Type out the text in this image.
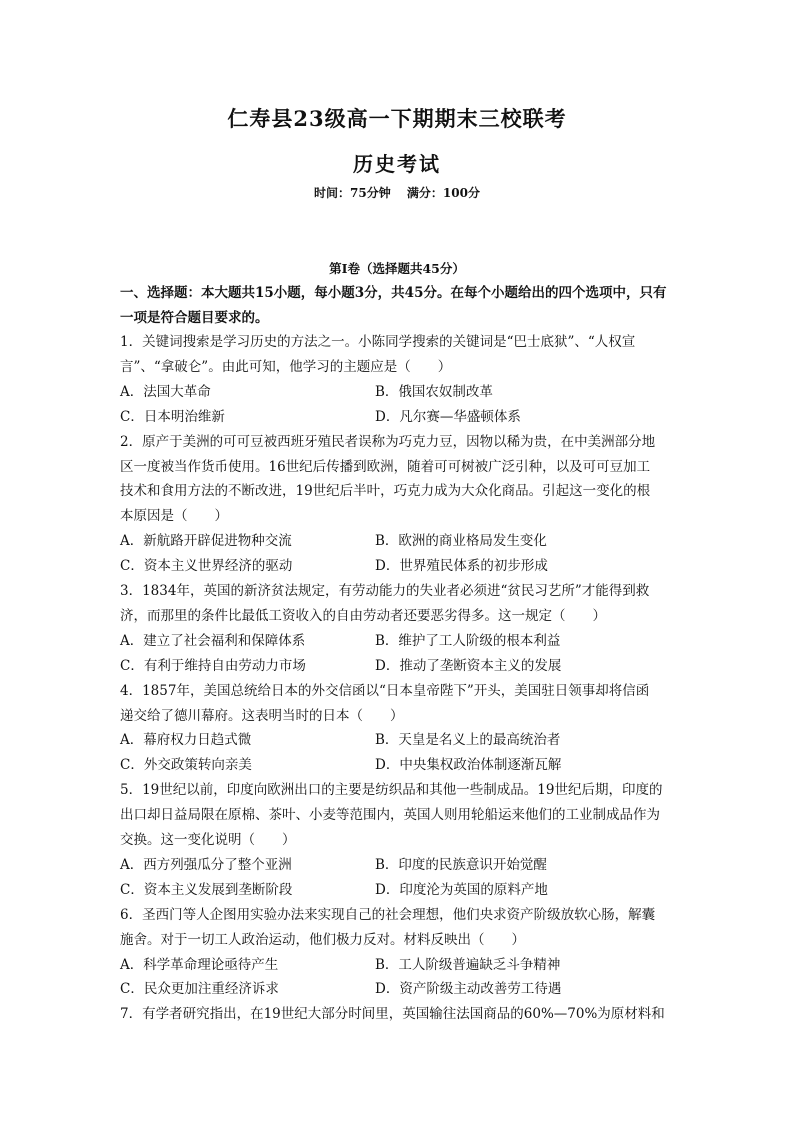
仁寿县23级高一下期期末三校联考
历史考试
时间：75分钟 满分：100分
第Ⅰ卷（选择题共45分）
一、选择题：本大题共15小题，每小题3分，共45分。在每个小题给出的四个选项中，只有
一项是符合题目要求的。
1．关键词搜索是学习历史的方法之一。小陈同学搜索的关键词是“巴士底狱”、“人权宣
言”、“拿破仑”。由此可知，他学习的主题应是（　　）
A．法国大革命	B．俄国农奴制改革
C．日本明治维新	D．凡尔赛—华盛顿体系
2．原产于美洲的可可豆被西班牙殖民者误称为巧克力豆，因物以稀为贵，在中美洲部分地
区一度被当作货币使用。16世纪后传播到欧洲，随着可可树被广泛引种，以及可可豆加工
技术和食用方法的不断改进，19世纪后半叶，巧克力成为大众化商品。引起这一变化的根
本原因是（　　）
A．新航路开辟促进物种交流	B．欧洲的商业格局发生变化
C．资本主义世界经济的驱动	D．世界殖民体系的初步形成
3．1834年，英国的新济贫法规定，有劳动能力的失业者必须进“贫民习艺所”才能得到救
济，而那里的条件比最低工资收入的自由劳动者还要恶劣得多。这一规定（　　）
A．建立了社会福利和保障体系	B．维护了工人阶级的根本利益
C．有利于维持自由劳动力市场	D．推动了垄断资本主义的发展
4．1857年，美国总统给日本的外交信函以“日本皇帝陛下”开头，美国驻日领事却将信函
递交给了德川幕府。这表明当时的日本（　　）
A．幕府权力日趋式微	B．天皇是名义上的最高统治者
C．外交政策转向亲美	D．中央集权政治体制逐渐瓦解
5．19世纪以前，印度向欧洲出口的主要是纺织品和其他一些制成品。19世纪后期，印度的
出口却日益局限在原棉、茶叶、小麦等范围内，英国人则用轮船运来他们的工业制成品作为
交换。这一变化说明（　　）
A．西方列强瓜分了整个亚洲	B．印度的民族意识开始觉醒
C．资本主义发展到垄断阶段	D．印度沦为英国的原料产地
6．圣西门等人企图用实验办法来实现自己的社会理想，他们央求资产阶级放软心肠，解囊
施舍。对于一切工人政治运动，他们极力反对。材料反映出（　　）
A．科学革命理论亟待产生	B．工人阶级普遍缺乏斗争精神
C．民众更加注重经济诉求	D．资产阶级主动改善劳工待遇
7．有学者研究指出，在19世纪大部分时间里，英国输往法国商品的60%—70%为原材料和
